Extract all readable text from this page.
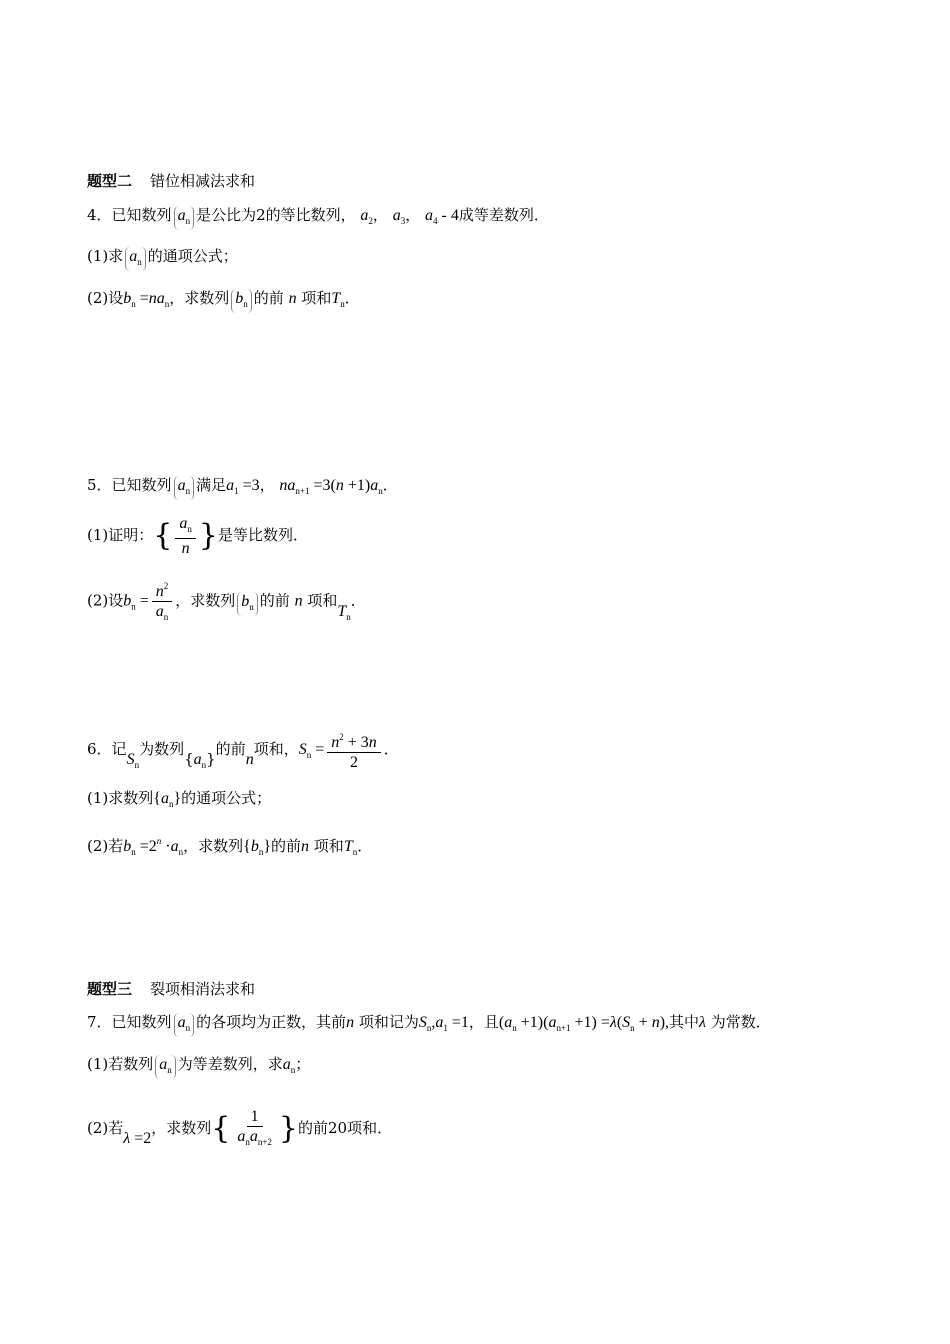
题型二 错位相减法求和
4．已知数列 $a_n$ 是公比为2的等比数列， $a_2$， $a_3$， $a_4 - 4$成等差数列．
(1)求 $a_n$ 的通项公式；
(2)设$b_n =na_n$，求数列 $b_n$ 的前 n 项和$T_n$．
5．已知数列 $a_n$ 满足$a_1 =3$， $na_{n+1} =3(n +1)a_n$．
(1)证明：{ $\frac{a_n}{n}$ }是等比数列．
(2)设$b_n = \frac{n^2}{a_n}$ ，求数列 $b_n$ 的前 n 项和$T_n$．
6．记$S_n$为数列$\{a_n\}$的前n项和，$S_n = \frac{n^2 + 3n}{2}$ ．
(1)求数列$\{a_n\}$的通项公式；
(2)若$b_n =2^n \cdot a_n$，求数列$\{b_n\}$的前n 项和$T_n$．
题型三 裂项相消法求和
7．已知数列 $a_n$ 的各项均为正数，其前n 项和记为$S_n,a_1 =1$，且$(a_n +1)(a_{n+1} +1) =\lambda(S_n + n)$,其中λ 为常数．
(1)若数列 $a_n$ 为等差数列，求$a_n$；
(2)若λ =2，求数列{ $\frac{1}{a_na_{n+2}}$ }的前20项和．
